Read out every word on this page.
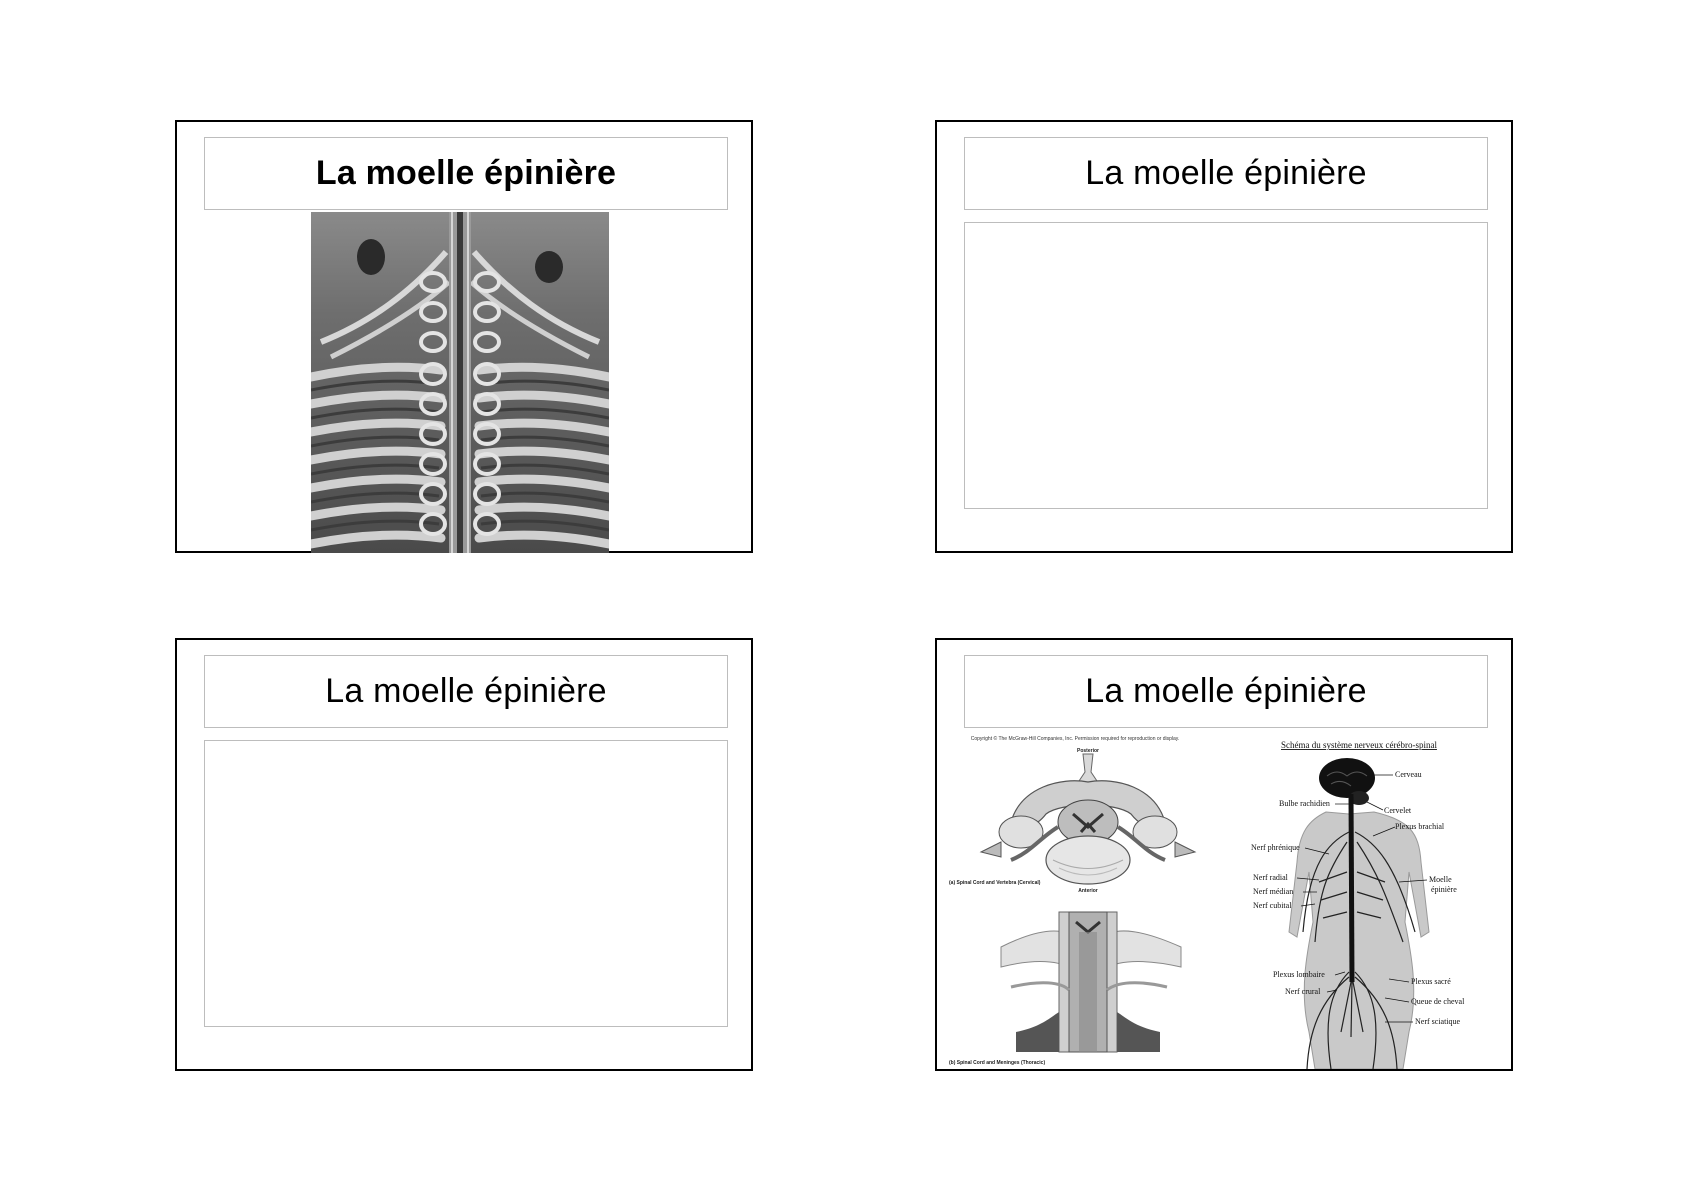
La moelle épinière	La moelle épinière
La moelle épinière	La moelle épinière
Copyright © The McGraw-Hill Companies, Inc. Permission required for reproduction or display.
Posterior
Anterior
(a) Spinal Cord and Vertebra (Cervical)
(b) Spinal Cord and Meninges (Thoracic)
Schéma du système nerveux cérébro-spinal
Cerveau
Bulbe rachidien
Cervelet
Plexus brachial
Nerf phrénique
Nerf radial	Moelle
épinière
Nerf médian
Nerf cubital
Plexus lombaire
Plexus sacré
Nerf crural
Queue de cheval
Nerf sciatique
